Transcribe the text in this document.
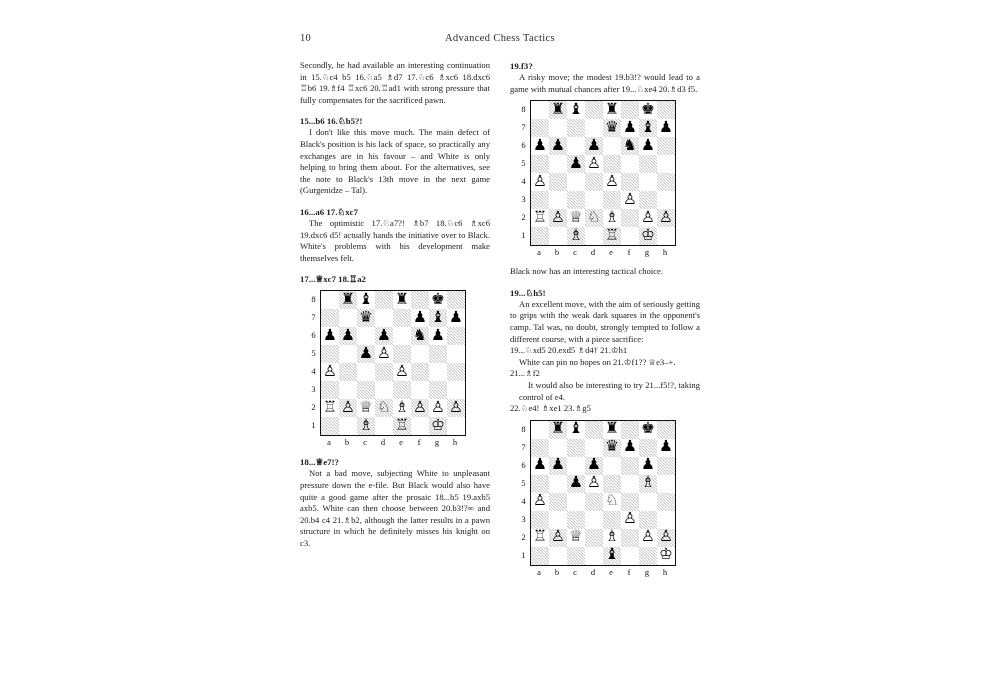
10	Advanced Chess Tactics

Secondly, he had available an interesting continuation in 15.♘c4 b5 16.♘a5 ♗d7 17.♘c6 ♗xc6 18.dxc6 ♖b6 19.♗f4 ♖xc6 20.♖ad1 with strong pressure that fully compensates for the sacrificed pawn.

15...b6 16.♘b5?!

I don't like this move much. The main defect of Black's position is his lack of space, so practically any exchanges are in his favour – and White is only helping to bring them about. For the alternatives, see the note to Black's 13th move in the next game (Gurgenidze – Tal).

16...a6 17.♘xc7

The optimistic 17.♘a7?! ♗b7 18.♘c6 ♗xc6 19.dxc6 d5! actually hands the initiative over to Black. White's problems with his development make themselves felt.

17...♕xc7 18.♖a2

8
7
6
5
4
3
2
1
♜ ♝ ♜ ♚
♛	♟ ♝ ♟
♟ ♟ ♟ ♞ ♟
♟ ♙
♙	♙
♖ ♙ ♕ ♘ ♗ ♙ ♙ ♙
♗ ♖ ♔
a	b	c	d	e	f	g	h

18...♕e7!?

Not a bad move, subjecting White to unpleasant pressure down the e-file. But Black would also have quite a good game after the prosaic 18...b5 19.axb5 axb5. White can then choose between 20.b3!?∞ and 20.b4 c4 21.♗b2, although the latter results in a pawn structure in which he definitely misses his knight on c3.

19.f3?

A risky move; the modest 19.b3!? would lead to a game with mutual chances after 19...♘xe4 20.♗d3 f5.

8
7
6
5
4
3
2
1
♜ ♝ ♜ ♚
♛ ♟ ♝ ♟
♟ ♟ ♟ ♞ ♟
♟ ♙
♙	♙
♙
♖ ♙ ♕ ♘ ♗ ♙ ♙
♗ ♖ ♔
a	b	c	d	e	f	g	h

Black now has an interesting tactical choice.

19...♘h5!

An excellent move, with the aim of seriously getting to grips with the weak dark squares in the opponent's camp. Tal was, no doubt, strongly tempted to follow a different course, with a piece sacrifice:

19...♘xd5 20.exd5 ♗d4† 21.♔h1

White can pin no hopes on 21.♔f1?? ♕e3–+.

21...♗f2

It would also be interesting to try 21...f5!?, taking control of e4.

22.♘e4! ♗xe1 23.♗g5

8
7
6
5
4
3
2
1
♜ ♝ ♜ ♚
♛ ♟ ♟
♟ ♟ ♟	♟
♟ ♙	♗
♙	♘
♙
♖ ♙ ♕ ♗ ♙ ♙
♝	♔
a	b	c	d	e	f	g	h
